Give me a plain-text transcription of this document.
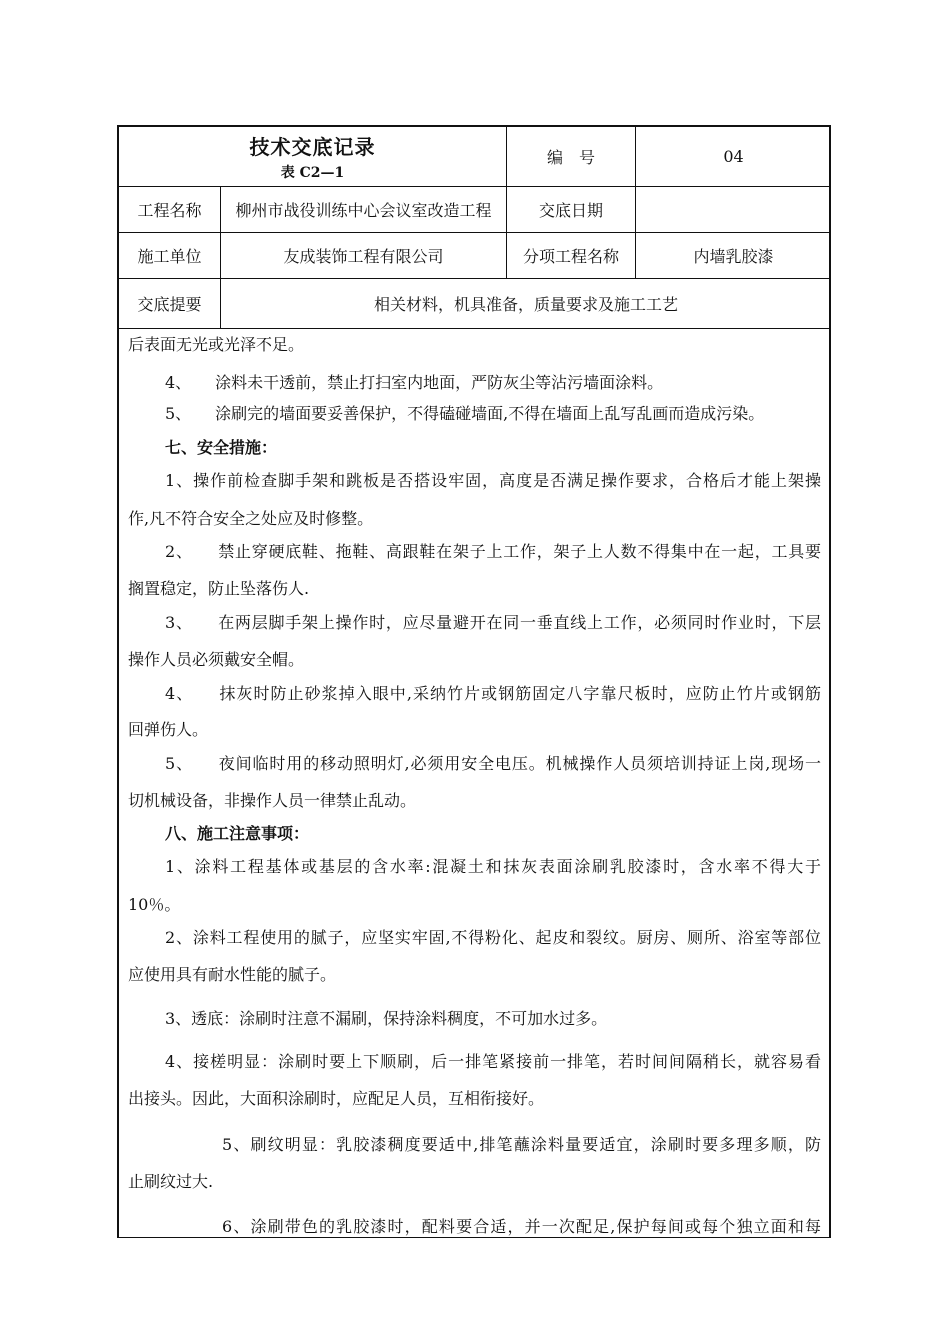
技术交底记录
表 C2—1
编　号	04
工程名称	柳州市战役训练中心会议室改造工程	交底日期
施工单位	友成装饰工程有限公司	分项工程名称	内墙乳胶漆
交底提要	相关材料，机具准备，质量要求及施工工艺
后表面无光或光泽不足。
4、　　涂料未干透前，禁止打扫室内地面，严防灰尘等沾污墙面涂料。
5、　　涂刷完的墙面要妥善保护，不得磕碰墙面,不得在墙面上乱写乱画而造成污染。
七、安全措施：
1、操作前检查脚手架和跳板是否搭设牢固，高度是否满足操作要求，合格后才能上架操
作,凡不符合安全之处应及时修整。
2、　　禁止穿硬底鞋、拖鞋、高跟鞋在架子上工作，架子上人数不得集中在一起，工具要
搁置稳定，防止坠落伤人.
3、　　在两层脚手架上操作时，应尽量避开在同一垂直线上工作，必须同时作业时，下层
操作人员必须戴安全帽。
4、　　抹灰时防止砂浆掉入眼中,采纳竹片或钢筋固定八字靠尺板时，应防止竹片或钢筋
回弹伤人。
5、　　夜间临时用的移动照明灯,必须用安全电压。机械操作人员须培训持证上岗,现场一
切机械设备，非操作人员一律禁止乱动。
八、施工注意事项：
1、涂料工程基体或基层的含水率:混凝土和抹灰表面涂刷乳胶漆时，含水率不得大于
10％。
2、涂料工程使用的腻子，应坚实牢固,不得粉化、起皮和裂纹。厨房、厕所、浴室等部位
应使用具有耐水性能的腻子。
3、透底：涂刷时注意不漏刷，保持涂料稠度，不可加水过多。
4、接槎明显：涂刷时要上下顺刷，后一排笔紧接前一排笔，若时间间隔稍长，就容易看
出接头。因此，大面积涂刷时，应配足人员，互相衔接好。
5、刷纹明显：乳胶漆稠度要适中,排笔蘸涂料量要适宜，涂刷时要多理多顺，防
止刷纹过大.
6、涂刷带色的乳胶漆时，配料要合适，并一次配足,保护每间或每个独立面和每
